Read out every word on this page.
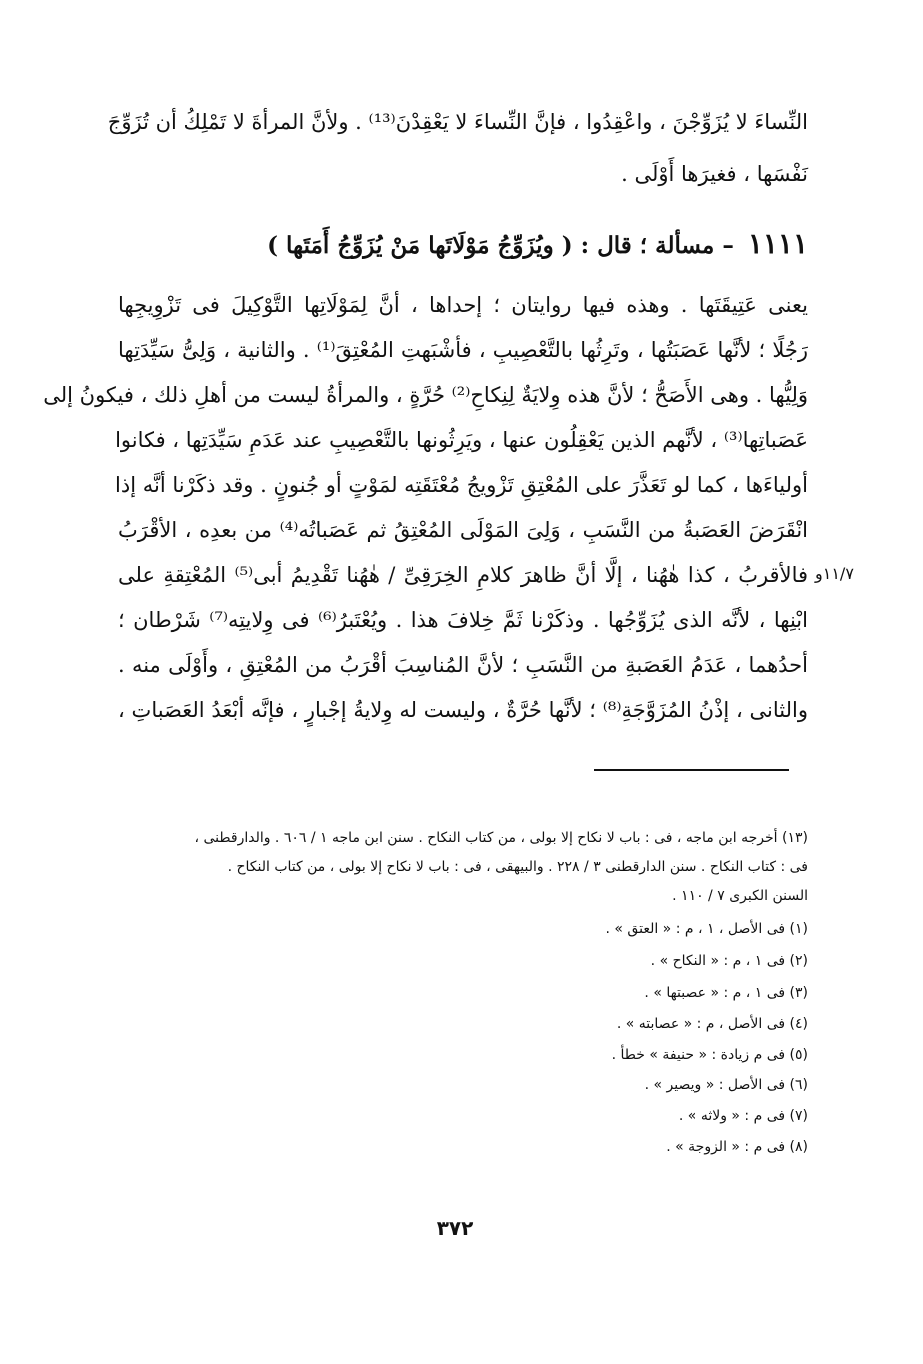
النِّساءَ لا يُزَوِّجْنَ ، واعْقِدُوا ، فإنَّ النِّساءَ لا يَعْقِدْنَ⁽¹³⁾ . ولأنَّ المرأةَ لا تَمْلِكُ أن تُزَوِّجَ
نَفْسَها ، فغيرَها أَوْلَى .
١١١١ – مسألة ؛ قال : ( ويُزَوِّجُ مَوْلَاتَها مَنْ يُزَوِّجُ أَمَتَها )
يعنى عَتِيقَتَها . وهذه فيها روايتان ؛ إحداها ، أنَّ لِمَوْلَاتِها التَّوْكِيلَ فى تَزْوِيجِها
رَجُلًا ؛ لأنَّها عَصَبَتُها ، وتَرِثُها بالتَّعْصِيبِ ، فأشْبَهتِ المُعْتِقَ⁽¹⁾ . والثانية ، وَلِىُّ سَيِّدَتِها
وَلِيُّها . وهى الأَصَحُّ ؛ لأنَّ هذه وِلايَةٌ لِنِكاحِ⁽²⁾ حُرَّةٍ ، والمرأةُ ليست من أهلِ ذلك ، فيكونُ إلى
عَصَباتِها⁽³⁾ ، لأنَّهم الذين يَعْقِلُون عنها ، ويَرِثُونها بالتَّعْصِيبِ عند عَدَمِ سَيِّدَتِها ، فكانوا
أولياءَها ، كما لو تَعَذَّرَ على المُعْتِقِ تَزْويجُ مُعْتَقَتِه لمَوْتٍ أو جُنونٍ . وقد ذكَرْنا أنَّه إذا
انْقَرَضَ العَصَبةُ من النَّسَبِ ، وَلِىَ المَوْلَى المُعْتِقُ ثم عَصَباتُه⁽⁴⁾ من بعدِه ، الأقْرَبُ
فالأقربُ ، كذا هٰهُنا ، إلَّا أنَّ ظاهرَ كلامِ الخِرَقِىِّ / هٰهُنا تَقْدِيمُ أبى⁽⁵⁾ المُعْتِقةِ على
ابْنِها ، لأنَّه الذى يُزَوِّجُها . وذكَرْنا ثَمَّ خِلافَ هذا . ويُعْتَبرُ⁽⁶⁾ فى وِلايتِه⁽⁷⁾ شَرْطان ؛
أحدُهما ، عَدَمُ العَصَبةِ من النَّسَبِ ؛ لأنَّ المُناسِبَ أقْرَبُ من المُعْتِقِ ، وأَوْلَى منه .
والثانى ، إذْنُ المُزَوَّجَةِ⁽⁸⁾ ؛ لأنَّها حُرَّةٌ ، وليست له وِلايةُ إجْبارٍ ، فإنَّه أبْعَدُ العَصَباتِ ،
١١/٧و
(١٣) أخرجه ابن ماجه ، فى : باب لا نكاح إلا بولى ، من كتاب النكاح . سنن ابن ماجه ١ / ٦٠٦ . والدارقطنى ،
فى : كتاب النكاح . سنن الدارقطنى ٣ / ٢٢٨ . والبيهقى ، فى : باب لا نكاح إلا بولى ، من كتاب النكاح .
السنن الكبرى ٧ / ١١٠ .
(١) فى الأصل ، ١ ، م : « العتق » .
(٢) فى ١ ، م : « النكاح » .
(٣) فى ١ ، م : « عصبتها » .
(٤) فى الأصل ، م : « عصابته » .
(٥) فى م زيادة : « حنيفة » خطأ .
(٦) فى الأصل : « ويصير » .
(٧) فى م : « ولاثه » .
(٨) فى م : « الزوجة » .
٣٧٢
